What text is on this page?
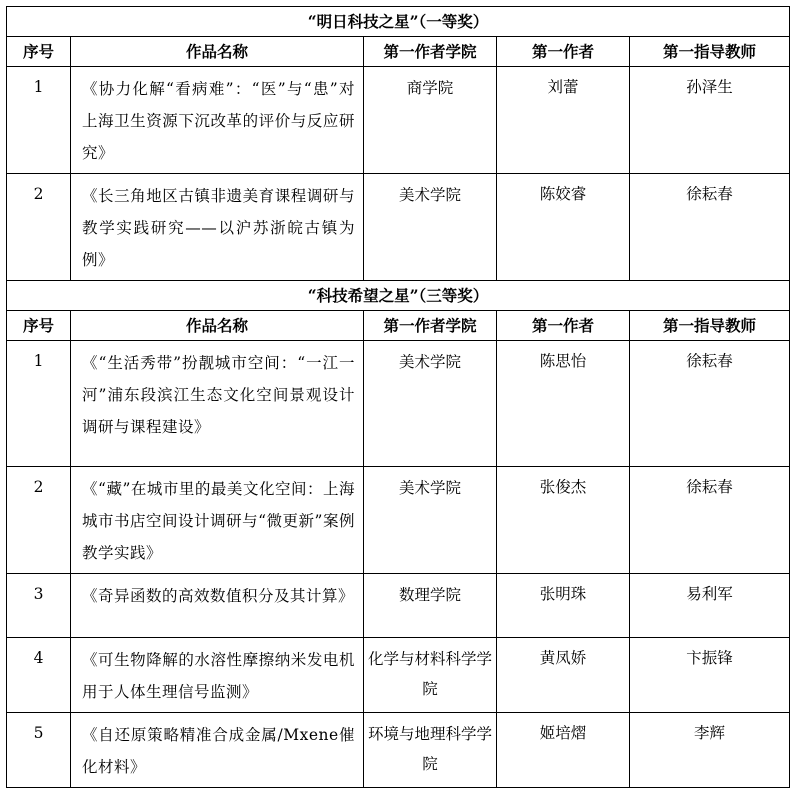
“明日科技之星”（一等奖）				
序号	作品名称	第一作者学院	第一作者	第一指导教师
1	《协力化解“看病难”：“医”与“患”对上海卫生资源下沉改革的评价与反应研究》	商学院	刘蕾	孙泽生
2	《长三角地区古镇非遗美育课程调研与教学实践研究——以沪苏浙皖古镇为例》	美术学院	陈姣睿	徐耘春
“科技希望之星”（三等奖）				
序号	作品名称	第一作者学院	第一作者	第一指导教师
1	《“生活秀带”扮靓城市空间：“一江一河”浦东段滨江生态文化空间景观设计调研与课程建设》	美术学院	陈思怡	徐耘春
2	《“藏”在城市里的最美文化空间：上海城市书店空间设计调研与“微更新”案例教学实践》	美术学院	张俊杰	徐耘春
3	《奇异函数的高效数值积分及其计算》	数理学院	张明珠	易利军
4	《可生物降解的水溶性摩擦纳米发电机用于人体生理信号监测》	化学与材料科学学院	黄凤娇	卞振锋
5	《自还原策略精准合成金属/Mxene催化材料》	环境与地理科学学院	姬培熠	李辉
